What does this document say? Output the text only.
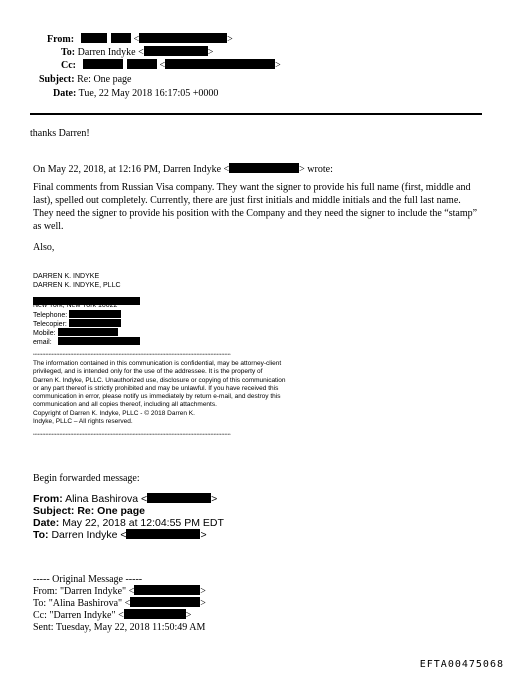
From:	<	>
To: Darren Indyke <	>
Cc:	<	>
Subject: Re: One page
Date: Tue, 22 May 2018 16:17:05 +0000
thanks Darren!
On May 22, 2018, at 12:16 PM, Darren Indyke <	> wrote:
Final comments from Russian Visa company. They want the signer to provide his full name (first, middle and last), spelled out completely. Currently, there are just first initials and middle initials and the full last name. They need the signer to provide his position with the Company and they need the signer to include the “stamp” as well.
Also,
DARREN K. INDYKE
DARREN K. INDYKE, PLLC
New York, New York 10022
Telephone:
Telecopier:
Mobile:
email:
*******************************************************************************************************************************
The information contained in this communication is confidential, may be attorney-client
privileged, and is intended only for the use of the addressee. It is the property of
Darren K. Indyke, PLLC. Unauthorized use, disclosure or copying of this communication
or any part thereof is strictly prohibited and may be unlawful. If you have received this
communication in error, please notify us immediately by return e-mail, and destroy this
communication and all copies thereof, including all attachments.
Copyright of Darren K. Indyke, PLLC - © 2018 Darren K.
Indyke, PLLC – All rights reserved.
*******************************************************************************************************************************
Begin forwarded message:
From: Alina Bashirova <	>
Subject: Re: One page
Date: May 22, 2018 at 12:04:55 PM EDT
To: Darren Indyke <	>
----- Original Message -----
From: "Darren Indyke" <	>
To: "Alina Bashirova" <	>
Cc: "Darren Indyke" <	>
Sent: Tuesday, May 22, 2018 11:50:49 AM
EFTA00475068
